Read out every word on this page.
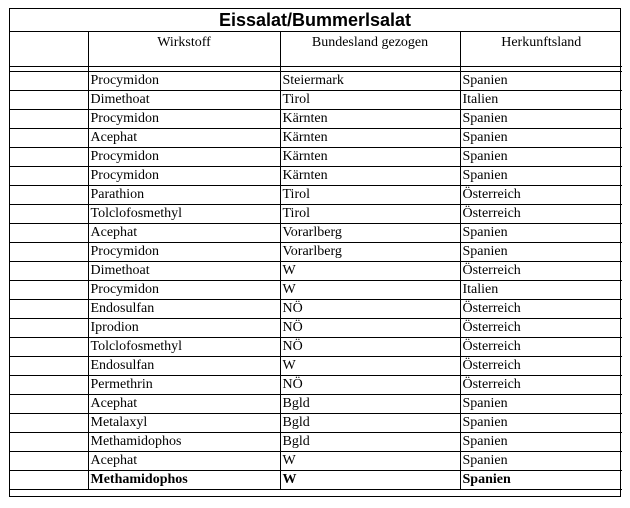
Eissalat/Bummerlsalat
	Wirkstoff	Bundesland gezogen	Herkunftsland

	Procymidon	Steiermark	Spanien
	Dimethoat	Tirol	Italien
	Procymidon	Kärnten	Spanien
	Acephat	Kärnten	Spanien
	Procymidon	Kärnten	Spanien
	Procymidon	Kärnten	Spanien
	Parathion	Tirol	Österreich
	Tolclofosmethyl	Tirol	Österreich
	Acephat	Vorarlberg	Spanien
	Procymidon	Vorarlberg	Spanien
	Dimethoat	W	Österreich
	Procymidon	W	Italien
	Endosulfan	NÖ	Österreich
	Iprodion	NÖ	Österreich
	Tolclofosmethyl	NÖ	Österreich
	Endosulfan	W	Österreich
	Permethrin	NÖ	Österreich
	Acephat	Bgld	Spanien
	Metalaxyl	Bgld	Spanien
	Methamidophos	Bgld	Spanien
	Acephat	W	Spanien
	Methamidophos	W	Spanien
